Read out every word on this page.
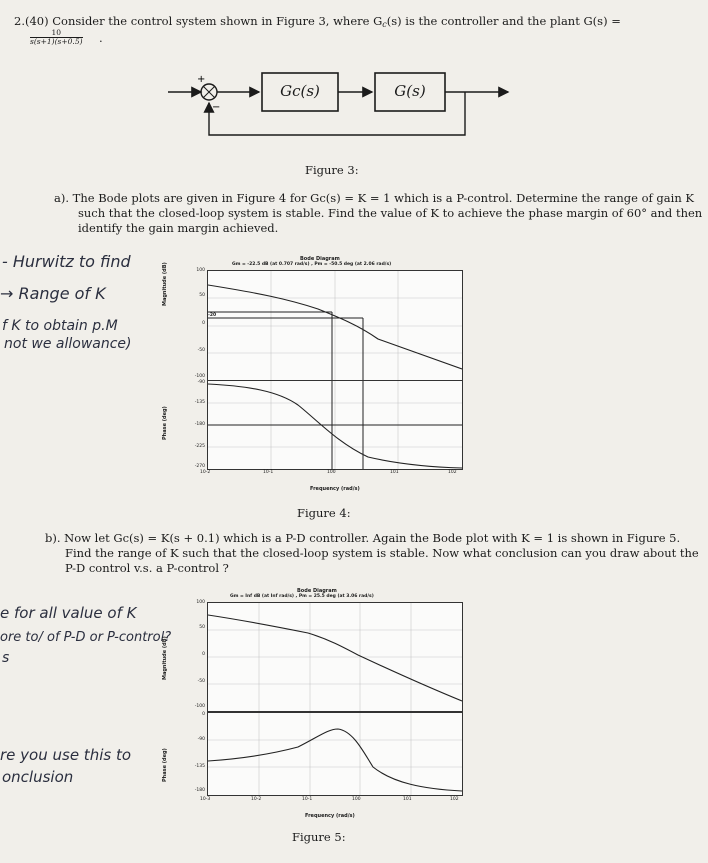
2.(40) Consider the control system shown in Figure 3, where Gc(s) is the controller and the plant G(s) =
$\frac{10}{s(s+1)(s+0.5)}$ .
+
−
Gc(s)	G(s)
Figure 3:
a). The Bode plots are given in Figure 4 for Gc(s) = K = 1 which is a P-control. Determine the range of gain K
such that the closed-loop system is stable. Find the value of K to achieve the phase margin of 60° and then
identify the gain margin achieved.
- Hurwitz to find
→ Range of K
f K to obtain p.M
not we allowance)
Bode Diagram
Gm = -22.5 dB (at 0.707 rad/s) , Pm = -50.5 deg (at 2.06 rad/s)
Magnitude (dB)
Phase (deg)
100
50
0
-50
-100
-90
-135
-180
-225
-270
10-2	10-1	100	101	102
Frequency (rad/s)
-20
Figure 4:
b). Now let Gc(s) = K(s + 0.1) which is a P-D controller. Again the Bode plot with K = 1 is shown in Figure 5.
Find the range of K such that the closed-loop system is stable. Now what conclusion can you draw about the
P-D control v.s. a P-control ?
e for all value of K
ore to/ of P-D or P-control?
s
re you use this to
onclusion
Bode Diagram
Gm = Inf dB (at Inf rad/s) , Pm = 25.5 deg (at 3.06 rad/s)
Magnitude (dB)
Phase (deg)
100
50
0
-50
-100
0
-90
-135
-180
10-3	10-2	10-1	100	101	102
Frequency (rad/s)
Figure 5:
